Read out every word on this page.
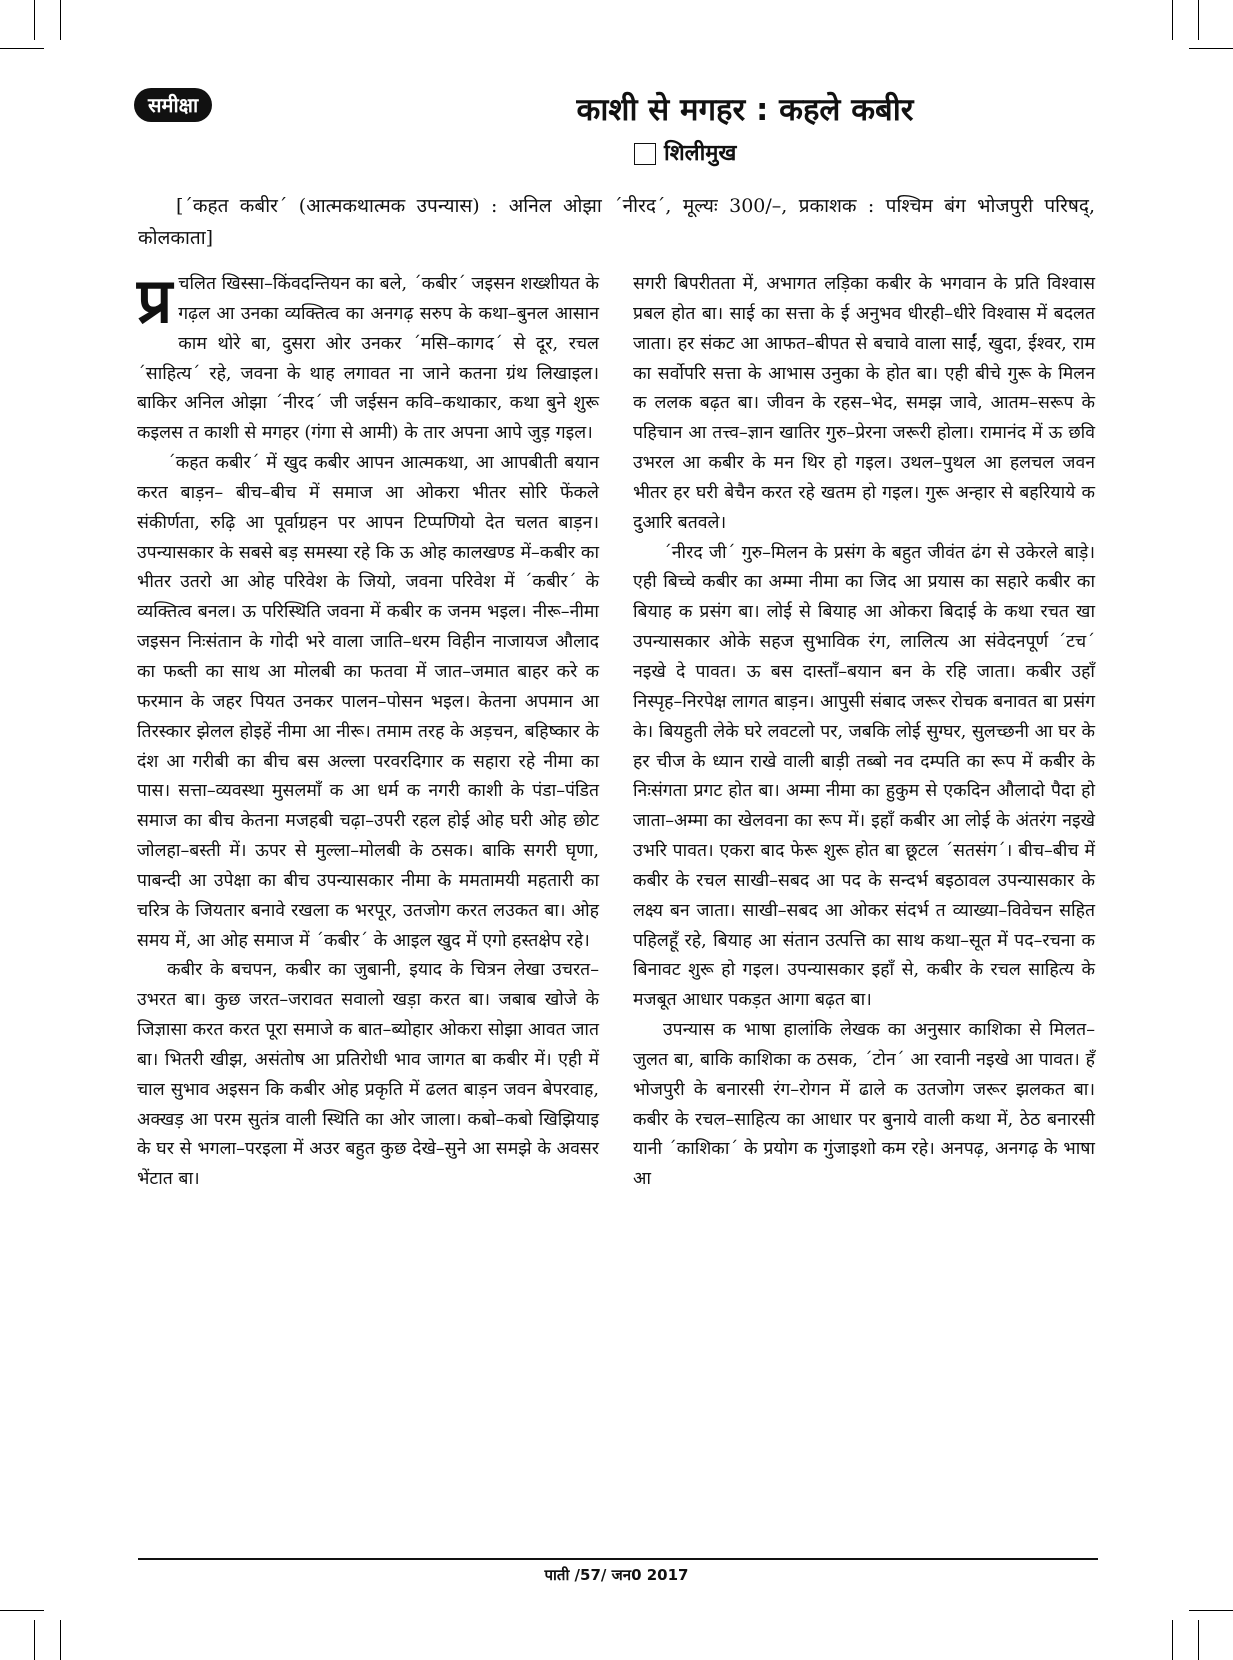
समीक्षा	काशी से मगहर : कहले कबीर
शिलीमुख
[´कहत कबीर´ (आत्मकथात्मक उपन्यास) : अनिल ओझा ´नीरद´, मूल्यः 300/–, प्रकाशक : पश्चिम बंग भोजपुरी परिषद्, कोलकाता]

प्र चलित खिस्सा–किंवदन्तियन का बले, ´कबीर´ जइसन शख्शीयत के गढ़ल आ उनका व्यक्तित्व का अनगढ़ सरुप के कथा–बुनल आसान काम थोरे बा, दुसरा ओर उनकर ´मसि–कागद´ से दूर, रचल ´साहित्य´ रहे, जवना के थाह लगावत ना जाने कतना ग्रंथ लिखाइल। बाकिर अनिल ओझा ´नीरद´ जी जईसन कवि–कथाकार, कथा बुने शुरू कइलस त काशी से मगहर (गंगा से आमी) के तार अपना आपे जुड़ गइल।

´कहत कबीर´ में खुद कबीर आपन आत्मकथा, आ आपबीती बयान करत बाड़न– बीच–बीच में समाज आ ओकरा भीतर सोरि फेंकले संकीर्णता, रुढ़ि आ पूर्वाग्रहन पर आपन टिप्पणियो देत चलत बाड़न। उपन्यासकार के सबसे बड़ समस्या रहे कि ऊ ओह कालखण्ड में–कबीर का भीतर उतरो आ ओह परिवेश के जियो, जवना परिवेश में ´कबीर´ के व्यक्तित्व बनल। ऊ परिस्थिति जवना में कबीर क जनम भइल। नीरू–नीमा जइसन निःसंतान के गोदी भरे वाला जाति–धरम विहीन नाजायज औलाद का फब्ती का साथ आ मोलबी का फतवा में जात–जमात बाहर करे क फरमान के जहर पियत उनकर पालन–पोसन भइल। केतना अपमान आ तिरस्कार झेलल होइहें नीमा आ नीरू। तमाम तरह के अड़चन, बहिष्कार के दंश आ गरीबी का बीच बस अल्ला परवरदिगार क सहारा रहे नीमा का पास। सत्ता–व्यवस्था मुसलमाँ क आ धर्म क नगरी काशी के पंडा–पंडित समाज का बीच केतना मजहबी चढ़ा–उपरी रहल होई ओह घरी ओह छोट जोलहा–बस्ती में। ऊपर से मुल्ला–मोलबी के ठसक। बाकि सगरी घृणा, पाबन्दी आ उपेक्षा का बीच उपन्यासकार नीमा के ममतामयी महतारी का चरित्र के जियतार बनावे रखला क भरपूर, उतजोग करत लउकत बा। ओह समय में, आ ओह समाज में ´कबीर´ के आइल खुद में एगो हस्तक्षेप रहे।

कबीर के बचपन, कबीर का जुबानी, इयाद के चित्रन लेखा उचरत–उभरत बा। कुछ जरत–जरावत सवालो खड़ा करत बा। जबाब खोजे के जिज्ञासा करत करत पूरा समाजे क बात–ब्योहार ओकरा सोझा आवत जात बा। भितरी खीझ, असंतोष आ प्रतिरोधी भाव जागत बा कबीर में। एही में चाल सुभाव अइसन कि कबीर ओह प्रकृति में ढलत बाड़न जवन बेपरवाह, अक्खड़ आ परम सुतंत्र वाली स्थिति का ओर जाला। कबो–कबो खिझियाइ के घर से भगला–परइला में अउर बहुत कुछ देखे–सुने आ समझे के अवसर भेंटात बा।

सगरी बिपरीतता में, अभागत लड़िका कबीर के भगवान के प्रति विश्वास प्रबल होत बा। साई का सत्ता के ई अनुभव धीरही–धीरे विश्वास में बदलत जाता। हर संकट आ आफत–बीपत से बचावे वाला साईं, खुदा, ईश्वर, राम का सर्वोपरि सत्ता के आभास उनुका के होत बा। एही बीचे गुरू के मिलन क ललक बढ़त बा। जीवन के रहस–भेद, समझ जावे, आतम–सरूप के पहिचान आ तत्त्व–ज्ञान खातिर गुरु–प्रेरना जरूरी होला। रामानंद में ऊ छवि उभरल आ कबीर के मन थिर हो गइल। उथल–पुथल आ हलचल जवन भीतर हर घरी बेचैन करत रहे खतम हो गइल। गुरू अन्हार से बहरियाये क दुआरि बतवले।

´नीरद जी´ गुरु–मिलन के प्रसंग के बहुत जीवंत ढंग से उकेरले बाड़े। एही बिच्चे कबीर का अम्मा नीमा का जिद आ प्रयास का सहारे कबीर का बियाह क प्रसंग बा। लोई से बियाह आ ओकरा बिदाई के कथा रचत खा उपन्यासकार ओके सहज सुभाविक रंग, लालित्य आ संवेदनपूर्ण ´टच´ नइखे दे पावत। ऊ बस दास्ताँ–बयान बन के रहि जाता। कबीर उहाँ निस्पृह–निरपेक्ष लागत बाड़न। आपुसी संबाद जरूर रोचक बनावत बा प्रसंग के। बियहुती लेके घरे लवटलो पर, जबकि लोई सुग्घर, सुलच्छनी आ घर के हर चीज के ध्यान राखे वाली बाड़ी तब्बो नव दम्पति का रूप में कबीर के निःसंगता प्रगट होत बा। अम्मा नीमा का हुकुम से एकदिन औलादो पैदा हो जाता–अम्मा का खेलवना का रूप में। इहाँ कबीर आ लोई के अंतरंग नइखे उभरि पावत। एकरा बाद फेरू शुरू होत बा छूटल ´सतसंग´। बीच–बीच में कबीर के रचल साखी–सबद आ पद के सन्दर्भ बइठावल उपन्यासकार के लक्ष्य बन जाता। साखी–सबद आ ओकर संदर्भ त व्याख्या–विवेचन सहित पहिलहूँ रहे, बियाह आ संतान उत्पत्ति का साथ कथा–सूत में पद–रचना क बिनावट शुरू हो गइल। उपन्यासकार इहाँ से, कबीर के रचल साहित्य के मजबूत आधार पकड़त आगा बढ़त बा।

उपन्यास क भाषा हालांकि लेखक का अनुसार काशिका से मिलत–जुलत बा, बाकि काशिका क ठसक, ´टोन´ आ रवानी नइखे आ पावत। हँ भोजपुरी के बनारसी रंग–रोगन में ढाले क उतजोग जरूर झलकत बा। कबीर के रचल–साहित्य का आधार पर बुनाये वाली कथा में, ठेठ बनारसी यानी ´काशिका´ के प्रयोग क गुंजाइशो कम रहे। अनपढ़, अनगढ़ के भाषा आ

पाती /57/ जन0 2017
